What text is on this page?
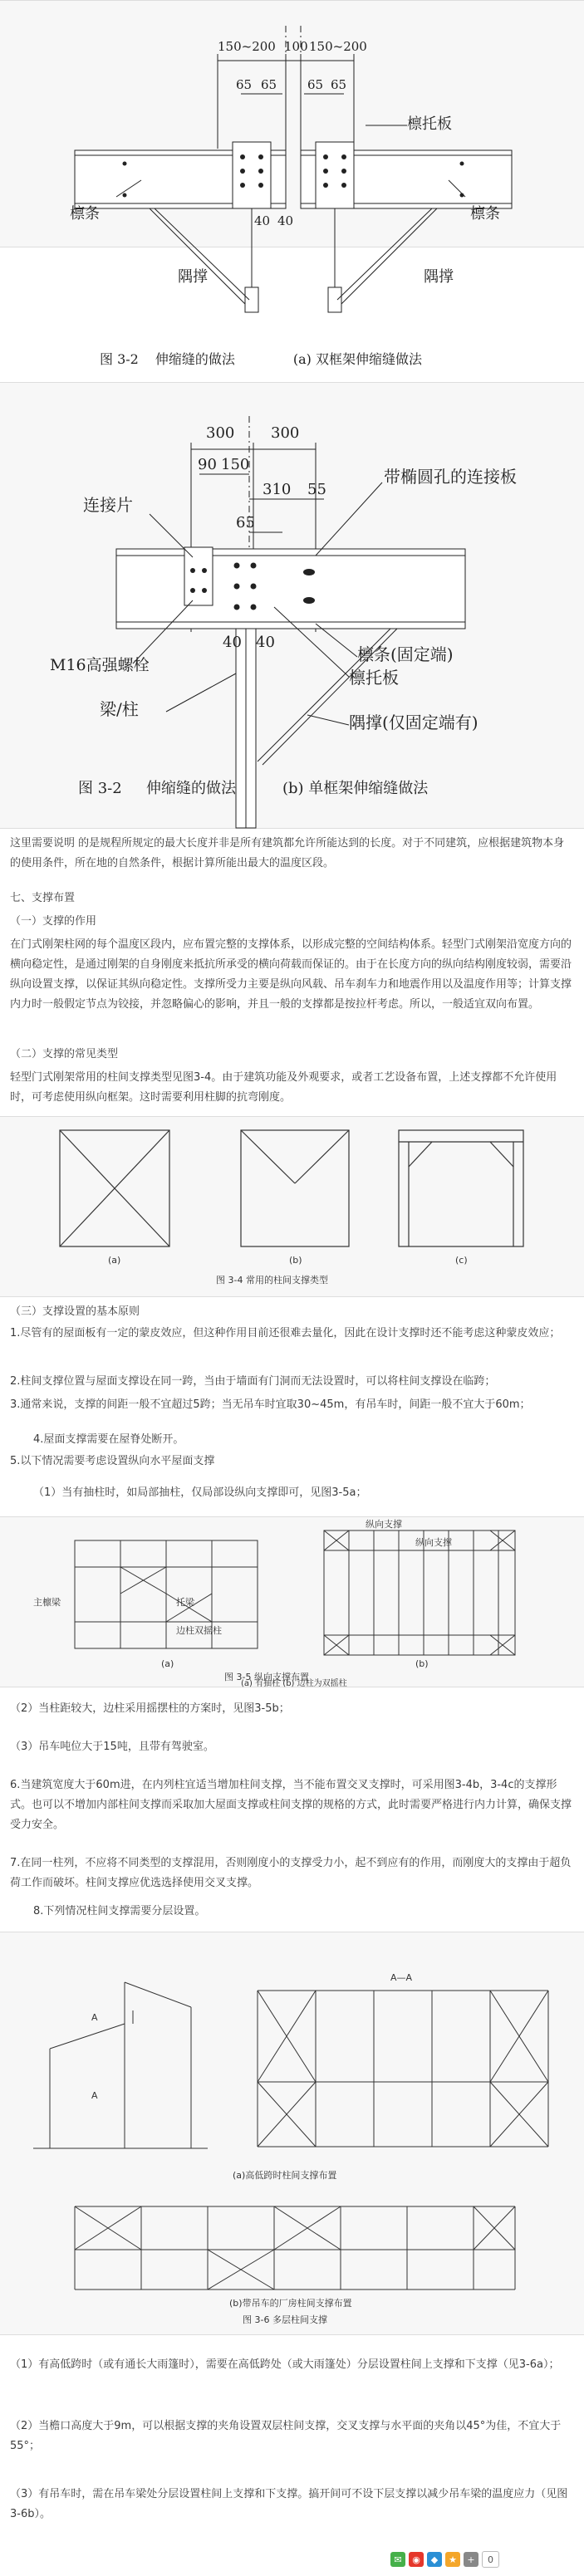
150~200 100 150~200
65 65 65 65
40 40
檩托板
檩条	檩条
隅撑	隅撑
图 3-2 伸缩缝的做法	(a) 双框架伸缩缝做法
300 300
90 150
310 55
65
40 40
连接片
带椭圆孔的连接板
M16高强螺栓
檩条(固定端)
檩托板
梁/柱
隅撑(仅固定端有)
图 3-2 伸缩缝的做法	(b) 单框架伸缩缝做法
这里需要说明 的是规程所规定的最大长度并非是所有建筑都允许所能达到的长度。对于不同建筑，应根据建筑物本身的使用条件，所在地的自然条件，根据计算所能出最大的温度区段。
七、支撑布置
（一）支撑的作用
在门式刚架柱网的每个温度区段内，应布置完整的支撑体系，以形成完整的空间结构体系。轻型门式刚架沿宽度方向的横向稳定性，是通过刚架的自身刚度来抵抗所承受的横向荷载而保证的。由于在长度方向的纵向结构刚度较弱，需要沿纵向设置支撑，以保证其纵向稳定性。支撑所受力主要是纵向风载、吊车刹车力和地震作用以及温度作用等；计算支撑内力时一般假定节点为铰接，并忽略偏心的影响，并且一般的支撑都是按拉杆考虑。所以，一般适宜双向布置。
（二）支撑的常见类型
轻型门式刚架常用的柱间支撑类型见图3-4。由于建筑功能及外观要求，或者工艺设备布置，上述支撑都不允许使用时，可考虑使用纵向框架。这时需要利用柱脚的抗弯刚度。
(a)	(b)	(c)
图 3-4 常用的柱间支撑类型
（三）支撑设置的基本原则
1.尽管有的屋面板有一定的蒙皮效应，但这种作用目前还很难去量化，因此在设计支撑时还不能考虑这种蒙皮效应；
2.柱间支撑位置与屋面支撑设在同一跨，当由于墙面有门洞而无法设置时，可以将柱间支撑设在临跨；
3.通常来说，支撑的间距一般不宜超过5跨；当无吊车时宜取30~45m，有吊车时，间距一般不宜大于60m；
4.屋面支撑需要在屋脊处断开。
5.以下情况需要考虑设置纵向水平屋面支撑
（1）当有抽柱时，如局部抽柱，仅局部设纵向支撑即可，见图3-5a；
主檩梁	托梁
边柱双摇柱
纵向支撑
纵向支撑
(a)	(b)
图 3-5 纵向支撑布置
(a) 有抽柱 (b) 边柱为双摇柱
（2）当柱距较大，边柱采用摇摆柱的方案时，见图3-5b；
（3）吊车吨位大于15吨，且带有驾驶室。
6.当建筑宽度大于60m进，在内列柱宜适当增加柱间支撑，当不能布置交叉支撑时，可采用图3-4b，3-4c的支撑形式。也可以不增加内部柱间支撑而采取加大屋面支撑或柱间支撑的规格的方式，此时需要严格进行内力计算，确保支撑受力安全。
7.在同一柱列，不应将不同类型的支撑混用，否则刚度小的支撑受力小，起不到应有的作用，而刚度大的支撑由于超负荷工作而破坏。柱间支撑应优选选择使用交叉支撑。
8.下列情况柱间支撑需要分层设置。
A
A
A—A
(a)高低跨时柱间支撑布置
(b)带吊车的厂房柱间支撑布置
图 3-6 多层柱间支撑
（1）有高低跨时（或有通长大雨篷时），需要在高低跨处（或大雨篷处）分层设置柱间上支撑和下支撑（见3-6a）；
（2）当檐口高度大于9m，可以根据支撑的夹角设置双层柱间支撑，交叉支撑与水平面的夹角以45°为佳，不宜大于55°；
（3）有吊车时，需在吊车梁处分层设置柱间上支撑和下支撑。搞开间可不设下层支撑以减少吊车梁的温度应力（见图3-6b）。
✉	◉	◆	★	+	0
